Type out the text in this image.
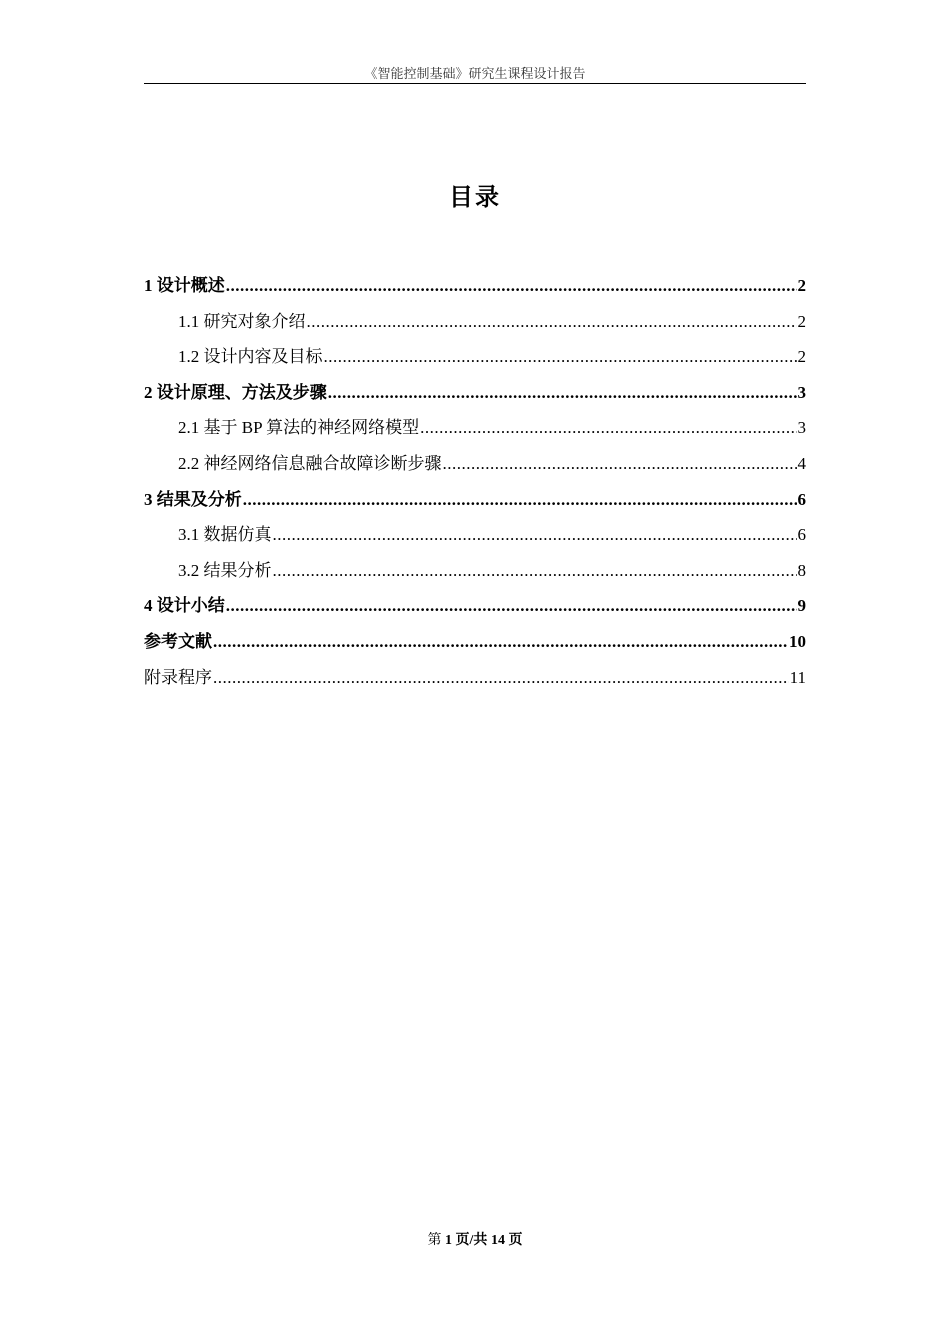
《智能控制基础》研究生课程设计报告
目录
1 设计概述 .....	2
1.1 研究对象介绍 .....	2
1.2 设计内容及目标 .....	2
2 设计原理、方法及步骤 .....	3
2.1 基于 BP 算法的神经网络模型 .....	3
2.2 神经网络信息融合故障诊断步骤 .....	4
3 结果及分析 .....	6
3.1 数据仿真 .....	6
3.2 结果分析 .....	8
4 设计小结 .....	9
参考文献 .....	10
附录程序 .....	11
第 1 页/共 14 页
